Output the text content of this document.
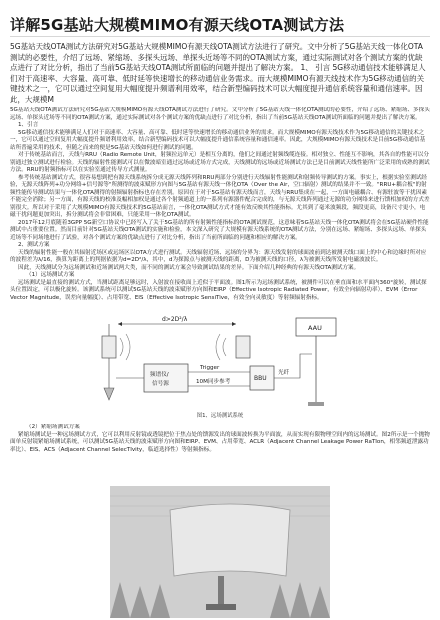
详解5G基站大规模MIMO有源天线OTA测试方法

5G基站天线OTA测试方法研究对5G基站大规模MIMO有源天线OTA测试方法进行了研究。文中分析了5G基站天线一体化OTA测试的必要性，介绍了远场、紧缩场、多探头远场、单探头近场等不同的OTA测试方案，通过实际测试对各个测试方案的优缺点进行了对比分析，指出了当前5G基站天线OTA测试所面临的问题并提出了解决方案。 1、 引言 5G移动通信技术能够满足人们对于高速率、大容量、高可靠、低时延等快速增长的移动通信业务需求。而大规模MIMO有源天线技术作为5G移动通信的关键技术之一，它可以通过空间复用大幅度提升频谱利用效率，结合新型编码技术可以大幅度提升通信系统容量和通信速率。因此，大规模M

5G基站天线OTA测试方法研究对5G基站大规模MIMO有源天线OTA测试方法进行了研究。文中分析了5G基站天线一体化OTA测试的必要性，介绍了远场、紧缩场、多探头远场、单探头近场等不同的OTA测试方案，通过实际测试对各个测试方案的优缺点进行了对比分析，指出了当前5G基站天线OTA测试所面临的问题并提出了解决方案。

1、引言

5G移动通信技术能够满足人们对于高速率、大容量、高可靠、低时延等快速增长的移动通信业务的需求。而大规模MIMO有源天线技术作为5G移动通信的关键技术之一，它可以通过空间复用大幅度提升频谱利用效率，结合新型编码技术可以大幅度提升通信系统容量和通信速率。因此，大规模MIMO有源天线技术是目前5G移动通信基站所普遍采用的技术，但随之而来的便是5G基站天线如何进行测试的问题。

对于传统基站而言，天线与RRU（Radio Remote Unit，射频拉远单元）是相互分离的，他们之间通过射频线缆连接。相对独立、性能互不影响，其各自的性能可以分别通过独立测试进行检验。天线的辐射性能测试可以在微波暗室通过远场或近场方式完成，天线测试的远场或近场测试方法已是目前测试天线性能所广泛采用的成熟的测试方法。RRU的射频指标可以在实验室通过传导方式测量。

参考传统基站测试方式，很容易想到把有源天线系统拆分成无源天线阵列和RRU两部分分别进行天线辐射性能测试和射频传导测试的方案。事实上，根据实验室测试经验，无源天线阵列+功分网络+信号源等"所测得的波束赋形方向图与5G基站有源天线一体化OTA（Over the Air，空口辐射）测试的结果并不一致。"RRU+耦合板"的射频性能传导测试结果与一体化OTA测得的射频辐射指标也存在差别。原因在于对于5G基站有源天线而言，天线与RRU集成在一起，一方面电磁耦合、有源驻波等干扰因素不能完全消除；另一方面，有源天线的校准及幅相加权是通过各个射频通道上的一系列有源器件配合完成的，与无源天线阵列通过无源的功分网络来进行馈相加权的方式差别很大。所以对于采用了大规模MIMO有源天线技术的5G基站而言，一体化OTA测试方式才能有效反映其性能指标。尤其到了毫米波频段，频段更高，设备尺寸更小，电磁干扰问题更加突出，拆分测试将会非常困难，只能采用一体化OTA测试。

2017年12月底随着3GPP 5G新空口协议中已经写入了关于5G基站的所有射频性能指标的OTA测试规范，这意味着5G基站天线一体化OTA测试将会在5G基站硬件性能测试中占重要位置。然而目前针对5G基站天线OTA测试的实施和检验，本文深入研究了大规模有源天线系统的OTA测试方法，分别在远场、紧缩场、多探头远场、单探头近场等不同场地进行了试验，对各个测试方案的优缺点进行了对比分析，指出了当前所面临的问题和相应的解决方案。

2、测试方案

天线的辐射性能一般在其辐射近场区或远场区以OTA方式进行测试。天线辐射近场、远场的分界为：源天线发射的球面波前到达被测天线口面上的中心和边缘时所对应的波程差为λ/16，换算为距离上的判据依据为d=2D²/λ，其中，d为探源点与被测天线的距离，D为被测天线的口径，λ为被测天线所发射电磁波波长。

因此，天线测试分为远场测试和近场测试两大类，而不同的测试方案会导致测试结果的差异。下面介绍几种经典的有源天线OTA测试方案。

（1）远场测试方案

远场测试是最直接的测试方式，当测试距离足够远时，入射波在接收面上近似于平面波。图1所示为远场测试系统，被测件可以在垂直面和水平面内360°旋转，测试探头位置固定，可以极化旋转。该测试系统可以测试5G基站天线的波束赋形方向图和EIRP（Effective Isotropic Radiated Power，有效全向辐射功率）、EVM（Error Vector Magnitude，误差向量幅度）、占用带宽、EIS（Effective Isotropic SensiTive，有效全向灵敏度）等射频辐射指标。

d>2D²/λ
AAU
频谱仪/
信号源
Trigger
10M同步参考	BBU
光纤
图1、远场测试系统

（2）紧缩场测试方案

紧缩场测试是一种远场测试方式，它可以利用反射镜或透镜把位于焦点处的馈源发出的球面波转换为平面波，从而实现有限物理空间内的远场测试。图2所示是一个抛物面单反射镜紧缩场测试系统，可以测试5G基站天线的波束赋形方向图和EIRP、EVM、占用带宽、ACLR（Adjacent Channel Leakage Power RaTIon，相邻频道泄露功率比）、EIS、ACS（Adjacent Channel SelecTIvity，临道选择性）等射频指标。
